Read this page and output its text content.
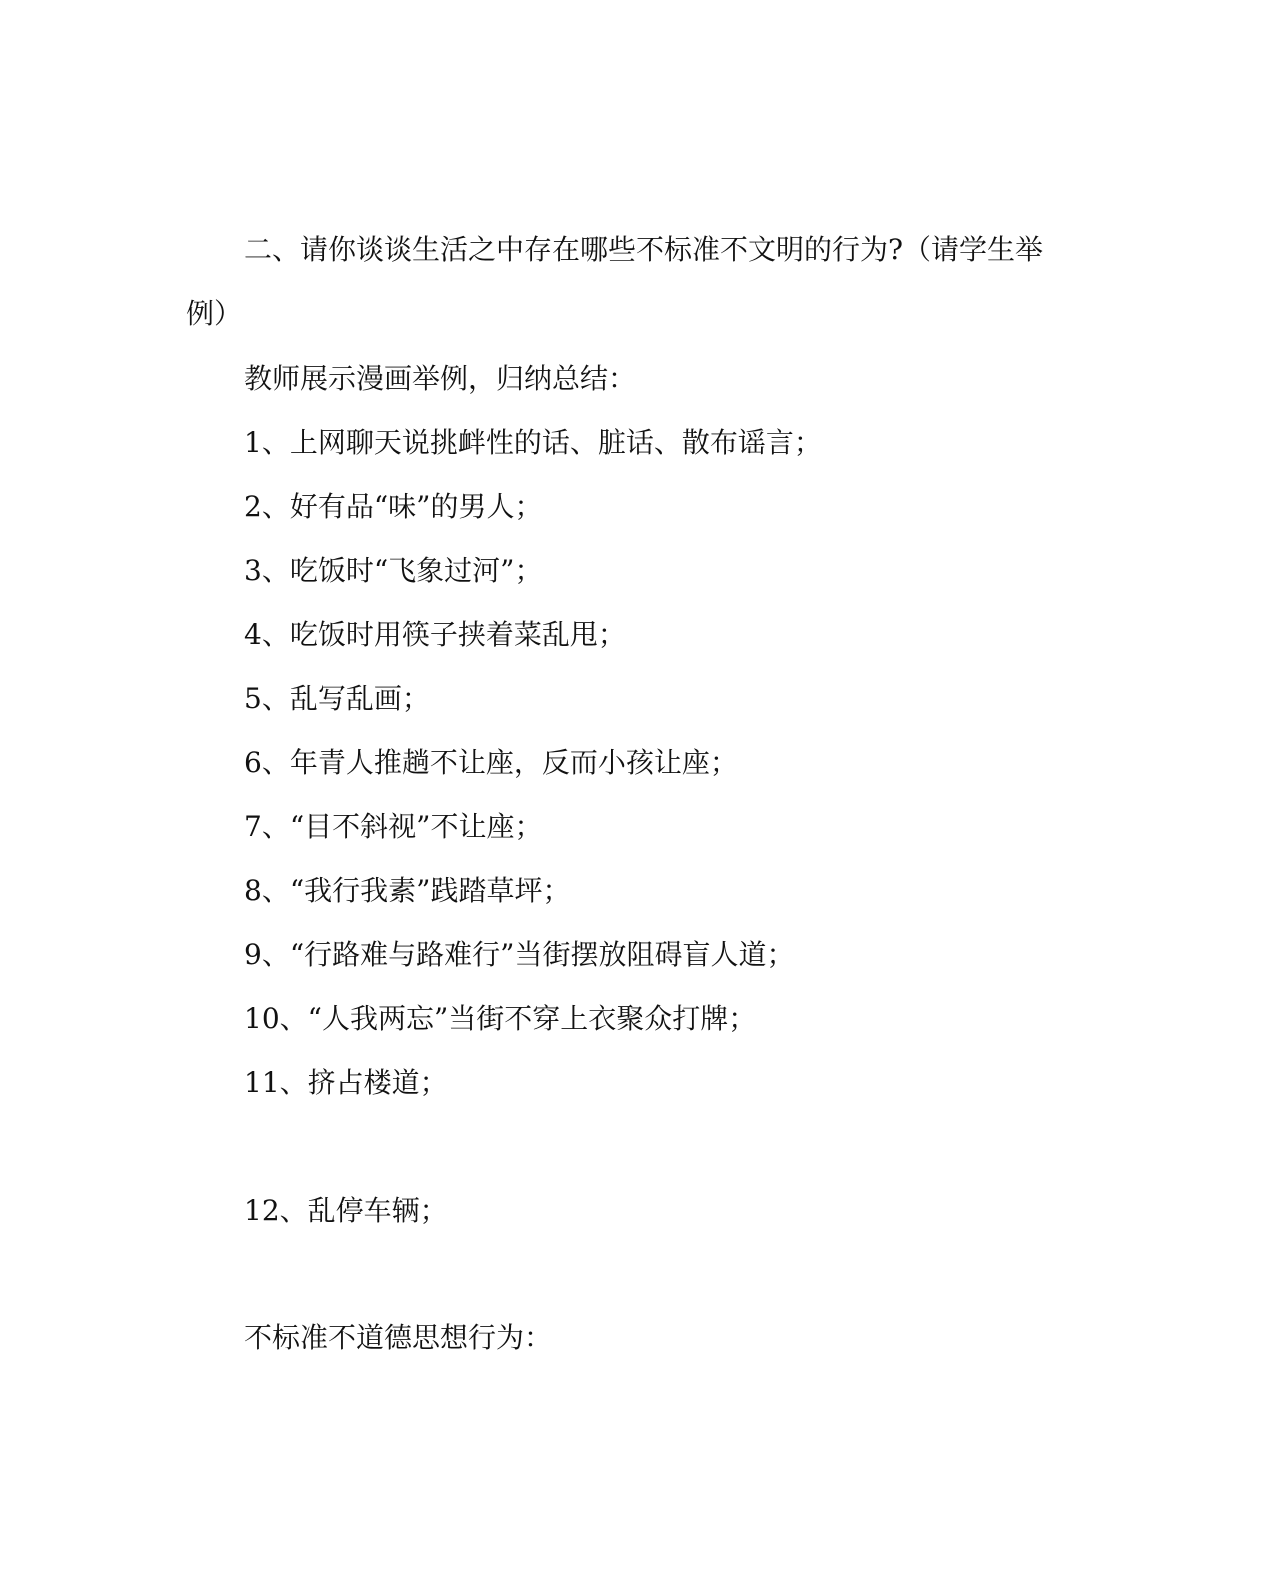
二、请你谈谈生活之中存在哪些不标准不文明的行为?（请学生举
例）
教师展示漫画举例，归纳总结：
1、上网聊天说挑衅性的话、脏话、散布谣言；
2、好有品“味”的男人；
3、吃饭时“飞象过河”；
4、吃饭时用筷子挟着菜乱甩；
5、乱写乱画；
6、年青人推趟不让座，反而小孩让座；
7、“目不斜视”不让座；
8、“我行我素”践踏草坪；
9、“行路难与路难行”当街摆放阻碍盲人道；
10、“人我两忘”当街不穿上衣聚众打牌；
11、挤占楼道；
12、乱停车辆；
不标准不道德思想行为：
